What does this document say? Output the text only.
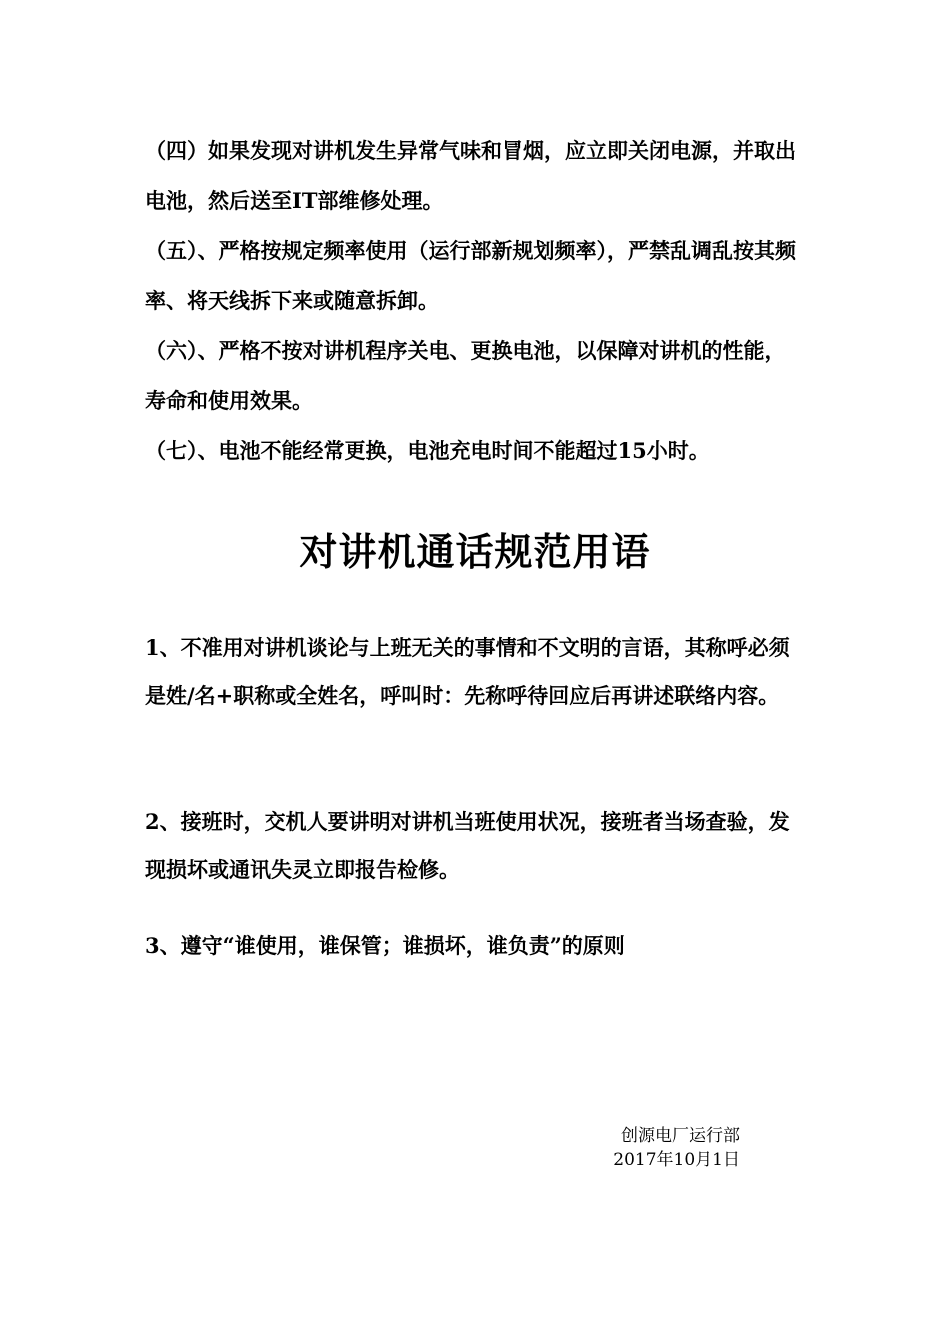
（四）如果发现对讲机发生异常气味和冒烟，应立即关闭电源，并取出电池，然后送至IT部维修处理。
（五）、严格按规定频率使用（运行部新规划频率），严禁乱调乱按其频率、将天线拆下来或随意拆卸。
（六）、严格不按对讲机程序关电、更换电池，以保障对讲机的性能，寿命和使用效果。
（七）、电池不能经常更换，电池充电时间不能超过15小时。
对讲机通话规范用语
1、不准用对讲机谈论与上班无关的事情和不文明的言语，其称呼必须是姓/名+职称或全姓名，呼叫时：先称呼待回应后再讲述联络内容。
2、接班时，交机人要讲明对讲机当班使用状况，接班者当场查验，发现损坏或通讯失灵立即报告检修。
3、遵守“谁使用，谁保管；谁损坏，谁负责”的原则
创源电厂运行部
2017年10月1日
